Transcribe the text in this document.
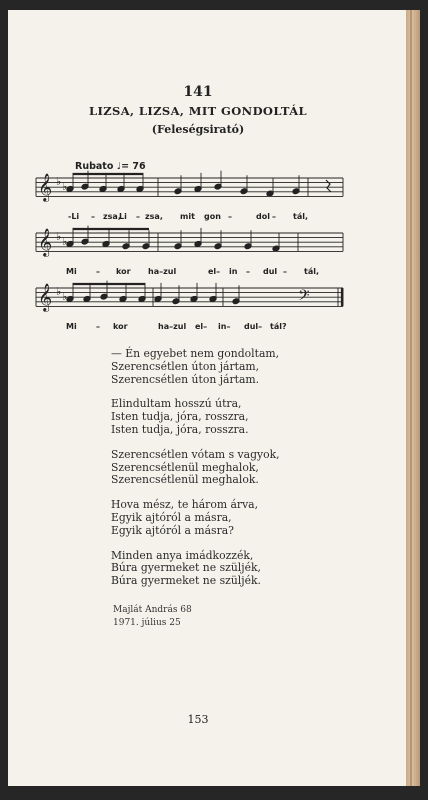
141
LIZSA, LIZSA, MIT GONDOLTÁL
(Feleségsirató)
Rubato ♩= 76
𝄞 ♭ ♭
𝄞 ♭ ♭
𝄞 ♭ ♭	𝄢
-Li – zsa,
Li – zsa, mit gon –	dol – tál,
Mi – kor ha–zul	el– in – dul – tál,
Mi – kor	ha–zul el– in– dul– tál?
— Én egyebet nem gondoltam,
Szerencsétlen úton jártam,
Szerencsétlen úton jártam.
Elindultam hosszú útra,
Isten tudja, jóra, rosszra,
Isten tudja, jóra, rosszra.
Szerencsétlen vótam s vagyok,
Szerencsétlenül meghalok,
Szerencsétlenül meghalok.
Hova mész, te három árva,
Egyik ajtóról a másra,
Egyik ajtóról a másra?
Minden anya imádkozzék,
Búra gyermeket ne szüljék,
Búra gyermeket ne szüljék.
Majlát András 68
1971. július 25
153
